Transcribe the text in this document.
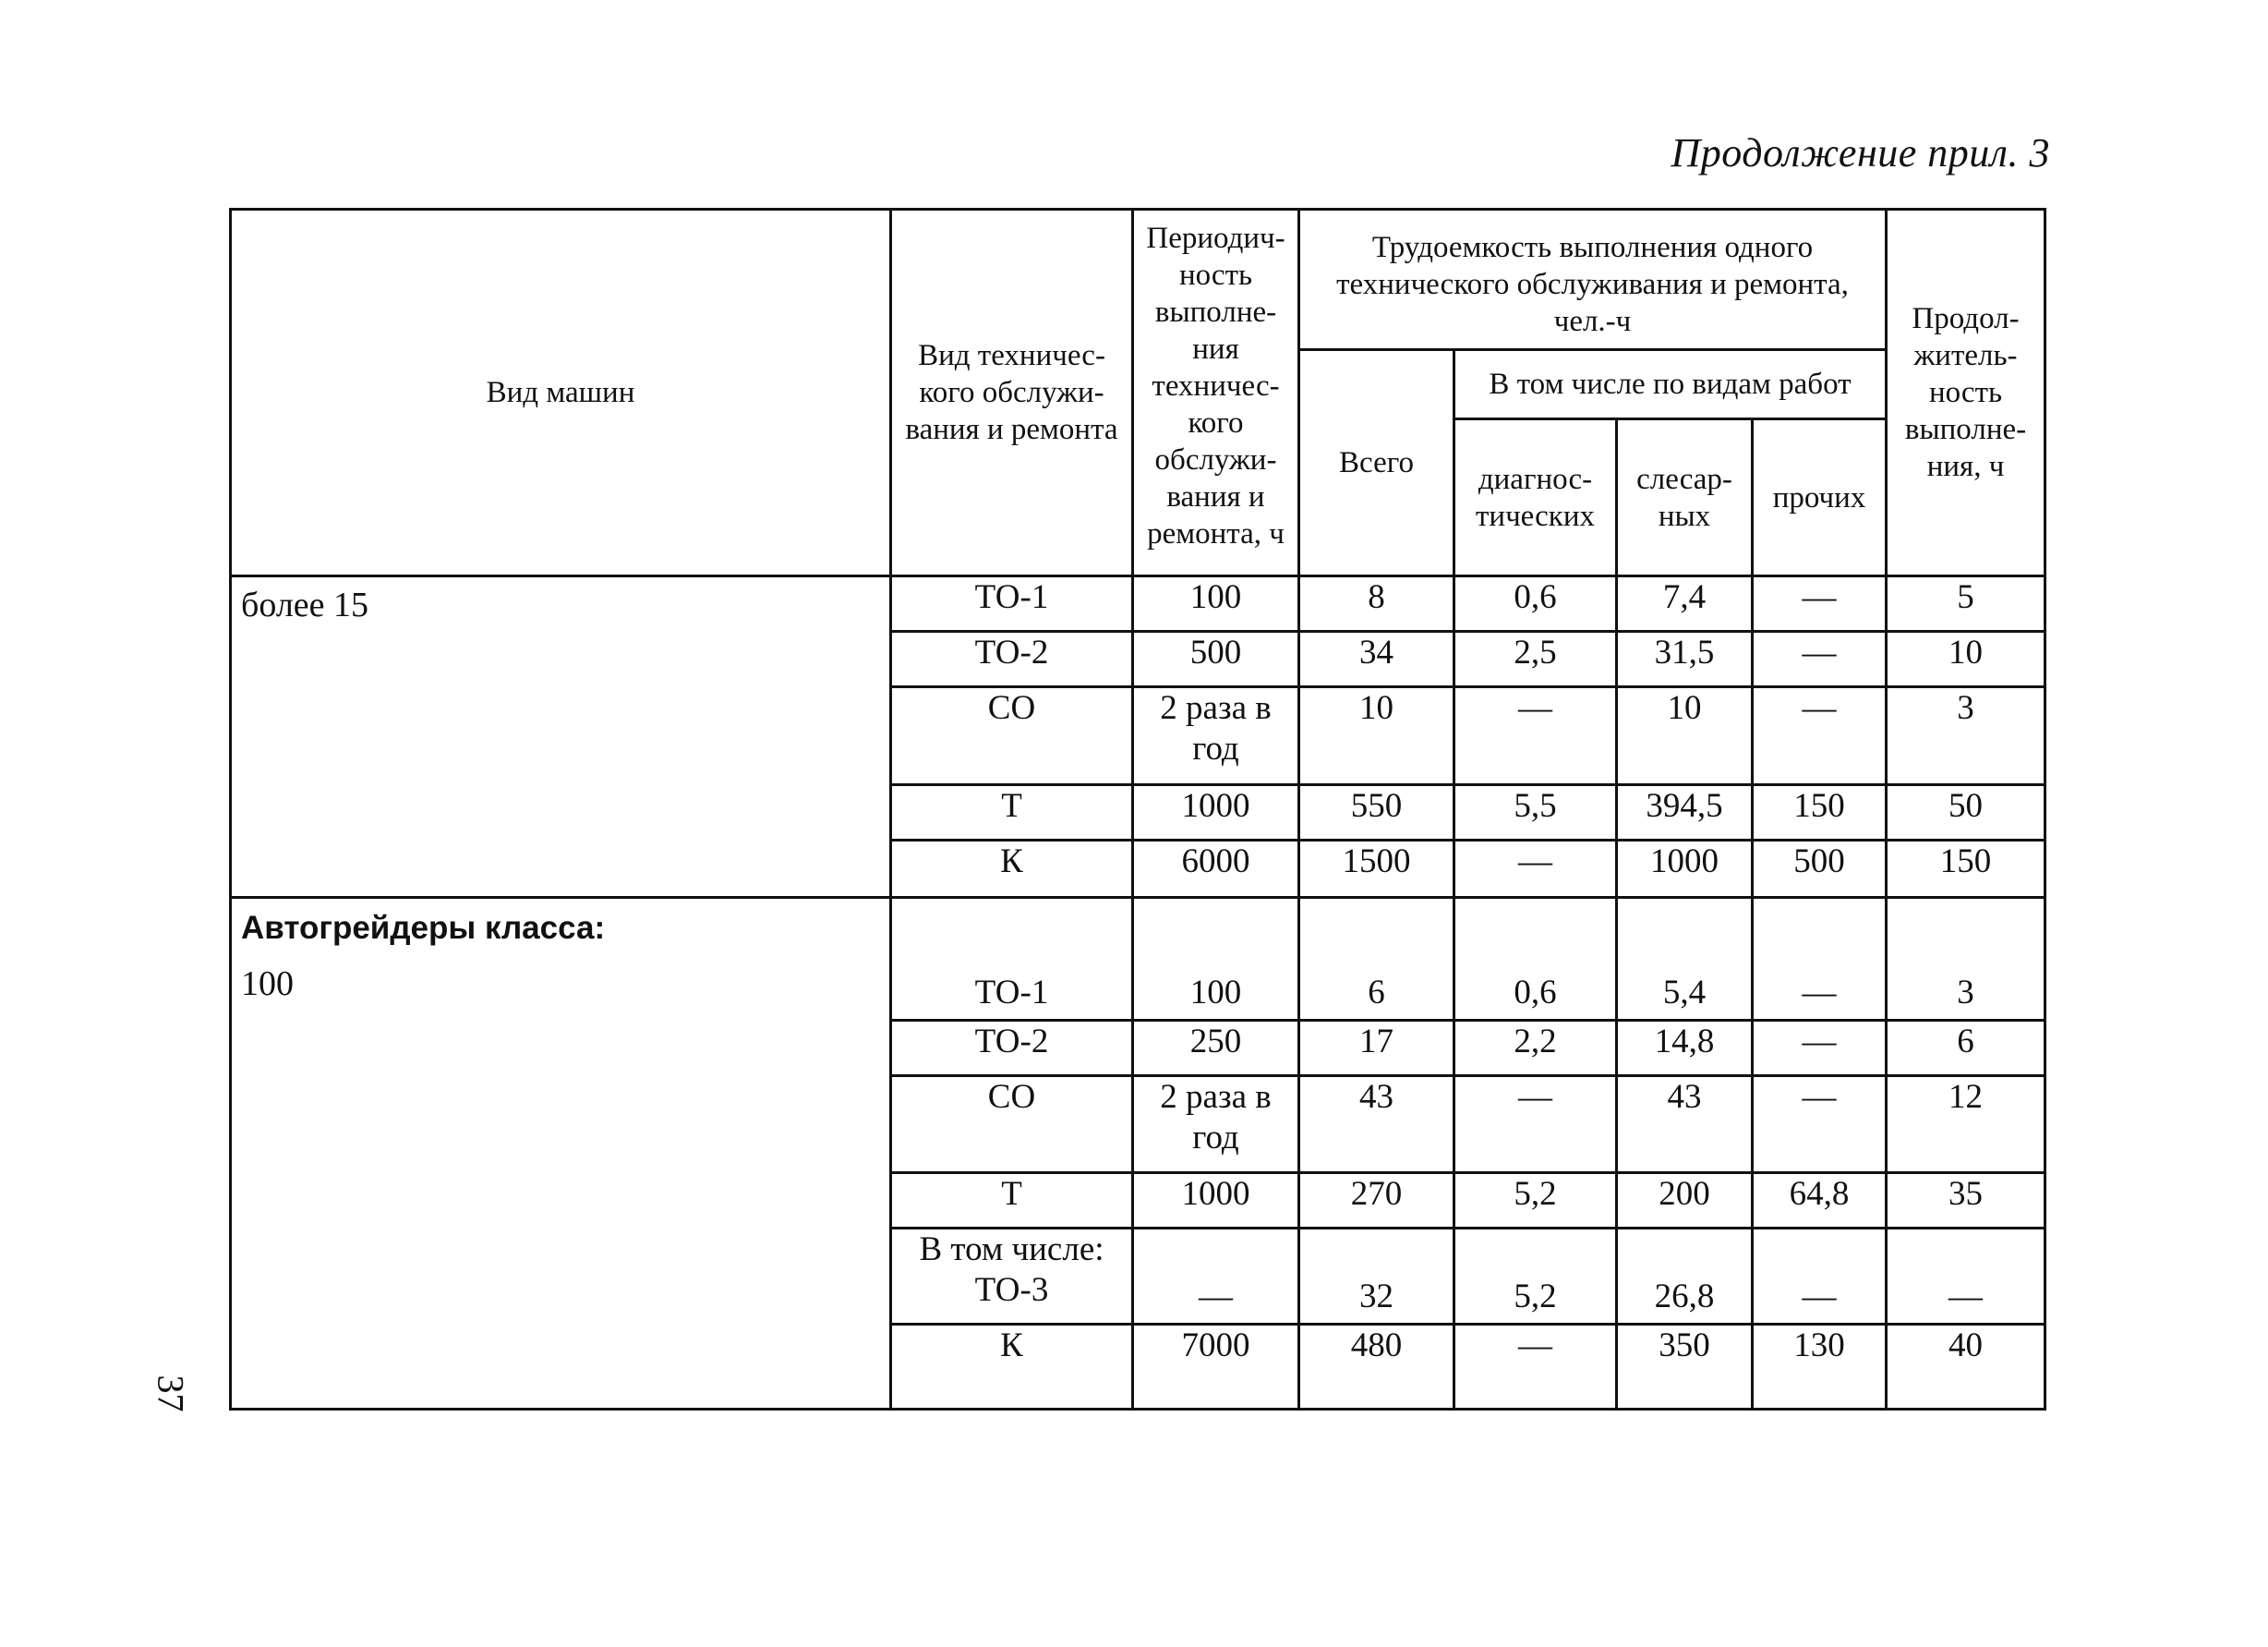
Продолжение прил. 3
37
Вид машин	Вид техничес-кого обслужи-вания и ремонта	Периодич-ность выполне-ния техничес-кого обслужи-вания и ремонта, ч	Трудоемкость выполнения одного технического обслуживания и ремонта, чел.-ч				Продол-житель-ность выполне-ния, ч
			Всего	В том числе по видам работ			
				диагнос-тических	слесар-ных	прочих	

более 15	ТО-1	100	8	0,6	7,4	—	5
	ТО-2	500	34	2,5	31,5	—	10
	СО	2 раза в год	10	—	10	—	3
	Т	1000	550	5,5	394,5	150	50
	К	6000	1500	—	1000	500	150

Автогрейдеры класса:
100	ТО-1	100	6	0,6	5,4	—	3
	ТО-2	250	17	2,2	14,8	—	6
	СО	2 раза в год	43	—	43	—	12
	Т	1000	270	5,2	200	64,8	35
	В том числе: ТО-3	—	32	5,2	26,8	—	—
	К	7000	480	—	350	130	40
